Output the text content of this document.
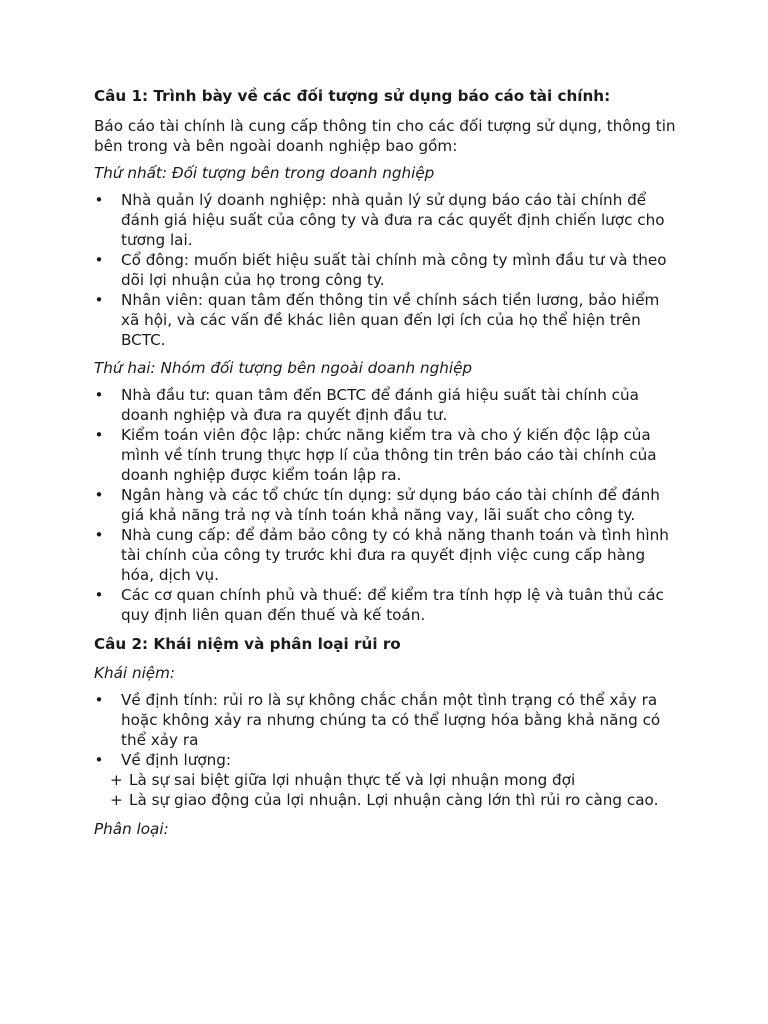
Câu 1: Trình bày về các đối tượng sử dụng báo cáo tài chính:

Báo cáo tài chính là cung cấp thông tin cho các đối tượng sử dụng, thông tin bên trong và bên ngoài doanh nghiệp bao gồm:

Thứ nhất: Đối tượng bên trong doanh nghiệp

• Nhà quản lý doanh nghiệp: nhà quản lý sử dụng báo cáo tài chính để đánh giá hiệu suất của công ty và đưa ra các quyết định chiến lược cho tương lai.
• Cổ đông: muốn biết hiệu suất tài chính mà công ty mình đầu tư và theo dõi lợi nhuận của họ trong công ty.
• Nhân viên: quan tâm đến thông tin về chính sách tiền lương, bảo hiểm xã hội, và các vấn đề khác liên quan đến lợi ích của họ thể hiện trên BCTC.

Thứ hai: Nhóm đối tượng bên ngoài doanh nghiệp

• Nhà đầu tư: quan tâm đến BCTC để đánh giá hiệu suất tài chính của doanh nghiệp và đưa ra quyết định đầu tư.
• Kiểm toán viên độc lập: chức năng kiểm tra và cho ý kiến độc lập của mình về tính trung thực hợp lí của thông tin trên báo cáo tài chính của doanh nghiệp được kiểm toán lập ra.
• Ngân hàng và các tổ chức tín dụng: sử dụng báo cáo tài chính để đánh giá khả năng trả nợ và tính toán khả năng vay, lãi suất cho công ty.
• Nhà cung cấp: để đảm bảo công ty có khả năng thanh toán và tình hình tài chính của công ty trước khi đưa ra quyết định việc cung cấp hàng hóa, dịch vụ.
• Các cơ quan chính phủ và thuế: để kiểm tra tính hợp lệ và tuân thủ các quy định liên quan đến thuế và kế toán.
Câu 2: Khái niệm và phân loại rủi ro

Khái niệm:

• Về định tính: rủi ro là sự không chắc chắn một tình trạng có thể xảy ra hoặc không xảy ra nhưng chúng ta có thể lượng hóa bằng khả năng có thể xảy ra
• Về định lượng:
+ Là sự sai biệt giữa lợi nhuận thực tế và lợi nhuận mong đợi
+ Là sự giao động của lợi nhuận. Lợi nhuận càng lớn thì rủi ro càng cao.

Phân loại:
